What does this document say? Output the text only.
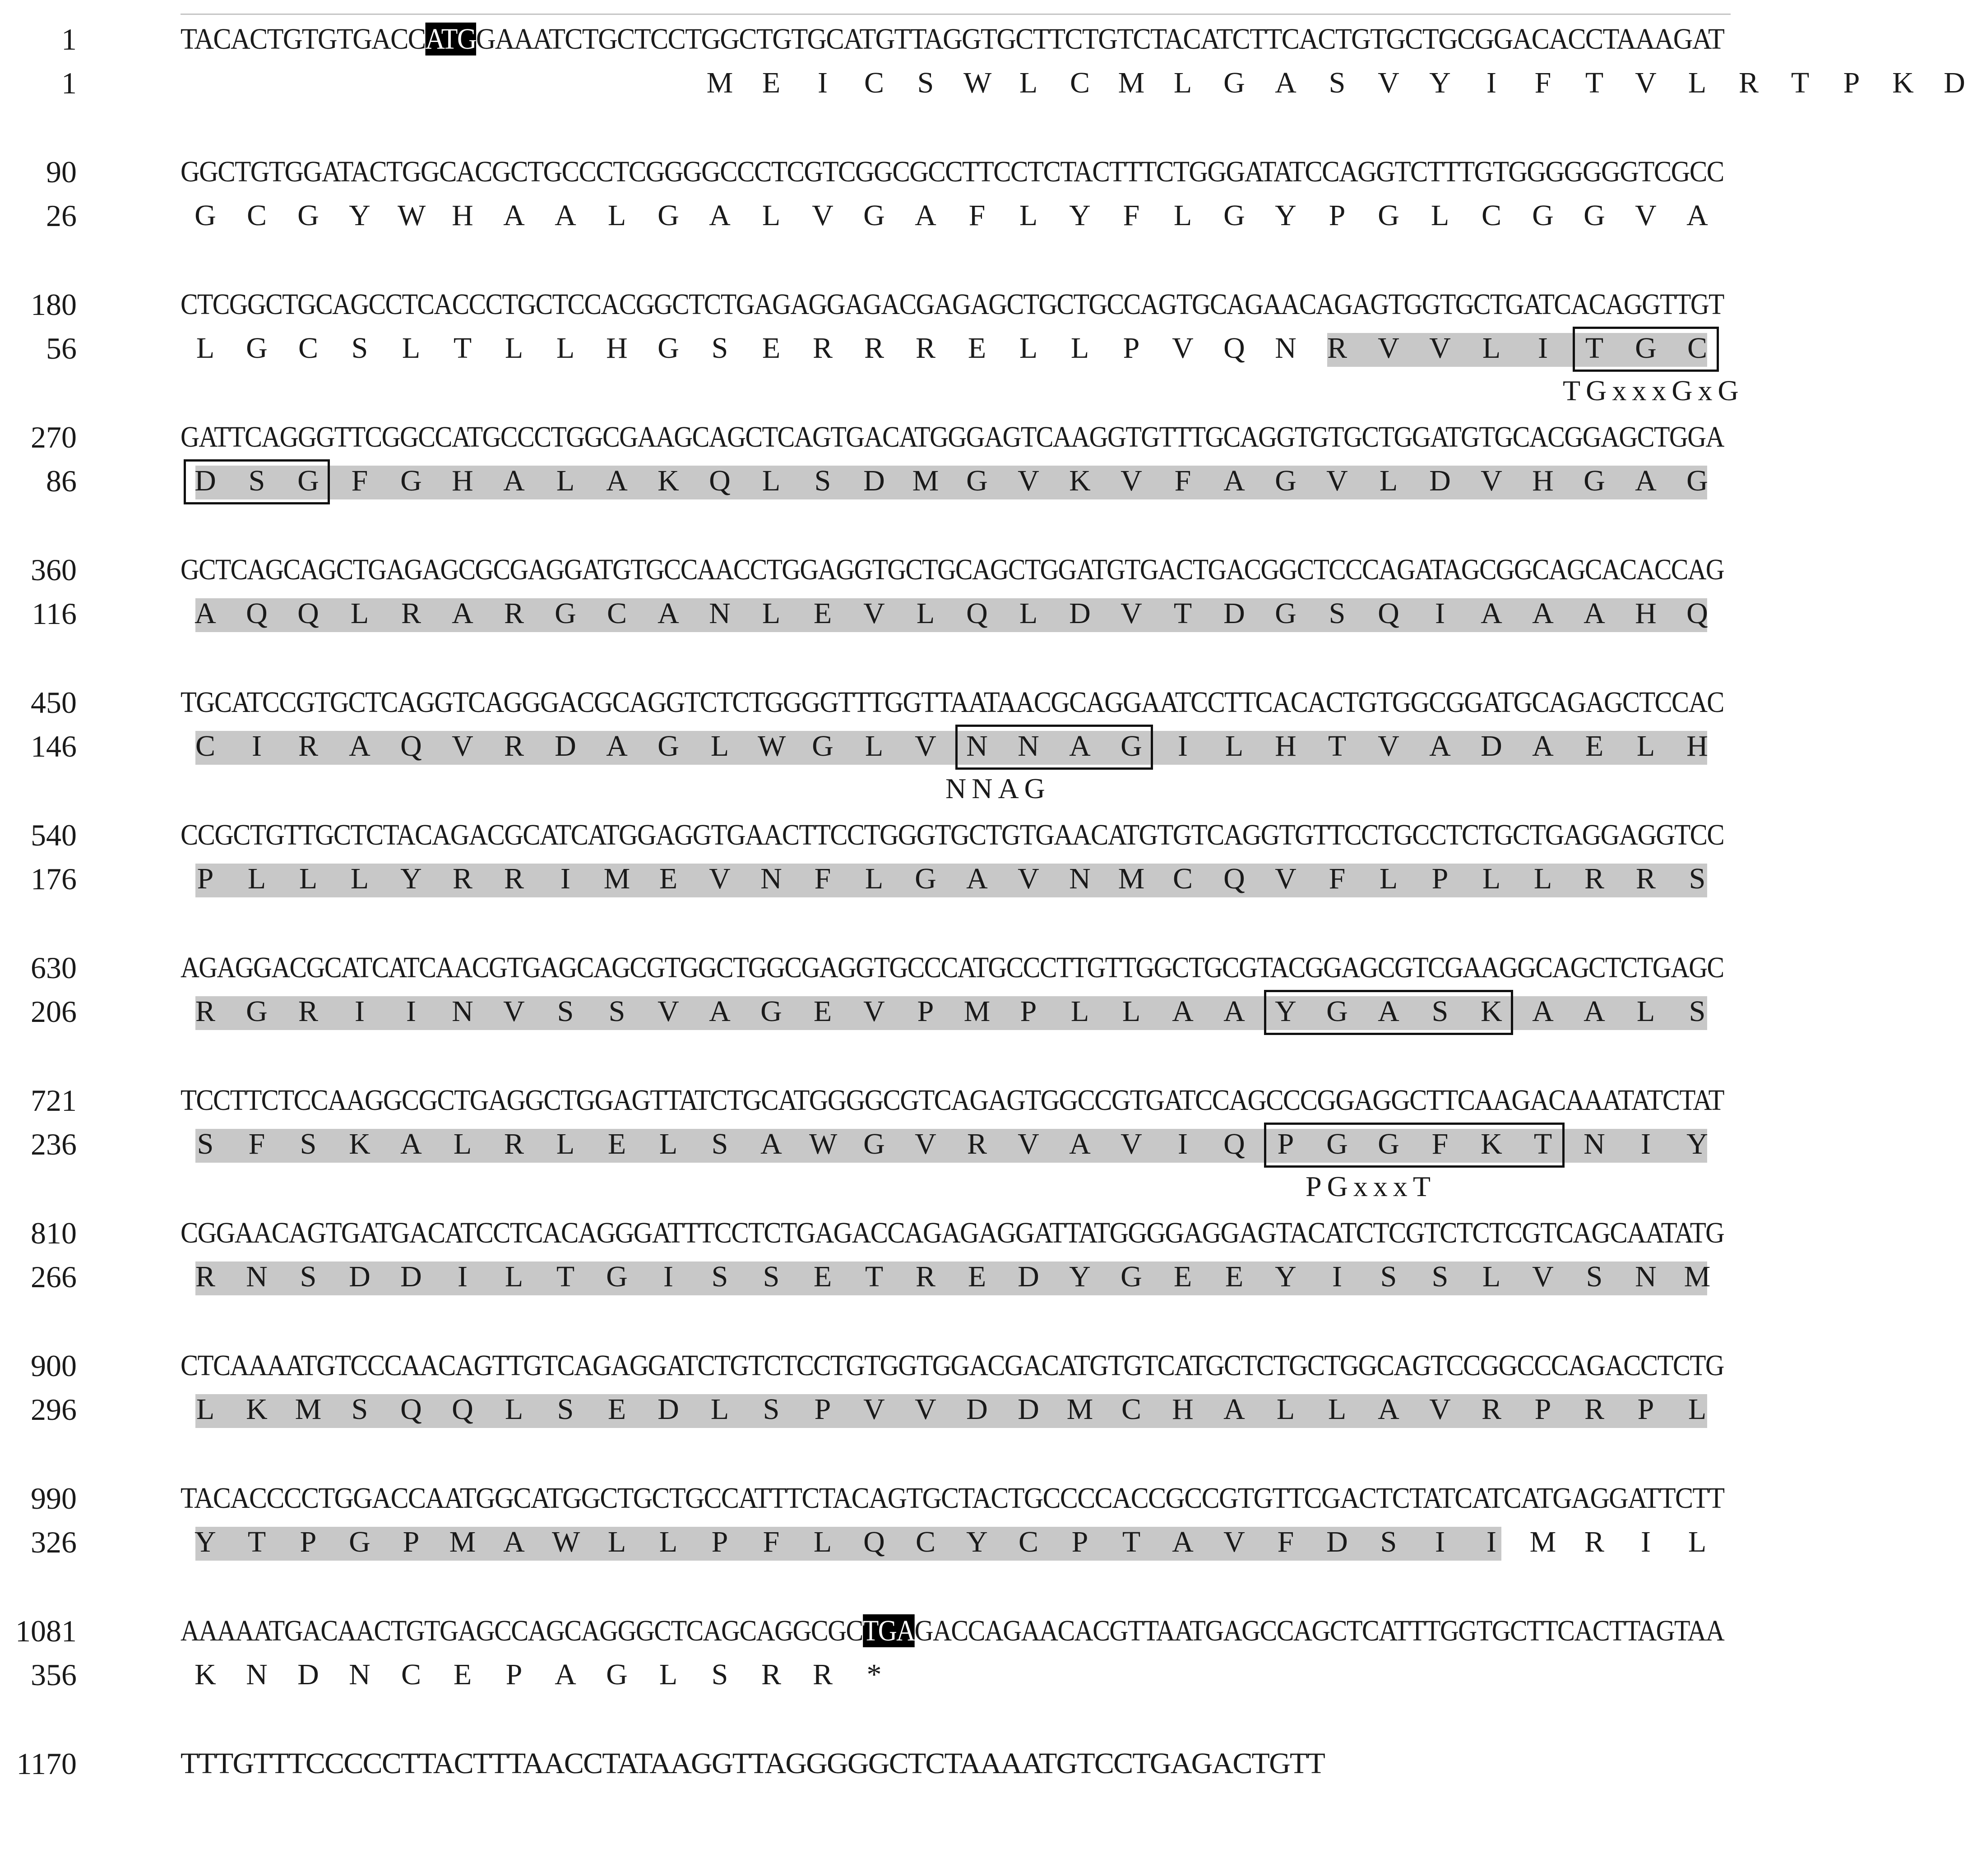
1	TACACTGTGTGACCATGGAAATCTGCTCCTGGCTGTGCATGTTAGGTGCTTCTGTCTACATCTTCACTGTGCTGCGGACACCTAAAGAT
1	M E I C S W L C M L G A S V Y I F T V L R T P K D
90	GGCTGTGGATACTGGCACGCTGCCCTCGGGGCCCTCGTCGGCGCCTTCCTCTACTTTCTGGGATATCCAGGTCTTTGTGGGGGGGTCGCC
26	G C G Y W H A A L G A L V G A F L Y F L G Y P G L C G G V A
180	CTCGGCTGCAGCCTCACCCTGCTCCACGGCTCTGAGAGGAGACGAGAGCTGCTGCCAGTGCAGAACAGAGTGGTGCTGATCACAGGTTGT
56	L G C S L T L L H G S E R R R E L L P V Q N R V V L I T G C
TGxxxGxG
270	GATTCAGGGTTCGGCCATGCCCTGGCGAAGCAGCTCAGTGACATGGGAGTCAAGGTGTTTGCAGGTGTGCTGGATGTGCACGGAGCTGGA
86	D S G F G H A L A K Q L S D M G V K V F A G V L D V H G A G
360	GCTCAGCAGCTGAGAGCGCGAGGATGTGCCAACCTGGAGGTGCTGCAGCTGGATGTGACTGACGGCTCCCAGATAGCGGCAGCACACCAG
116	A Q Q L R A R G C A N L E V L Q L D V T D G S Q I A A A H Q
450	TGCATCCGTGCTCAGGTCAGGGACGCAGGTCTCTGGGGTTTGGTTAATAACGCAGGAATCCTTCACACTGTGGCGGATGCAGAGCTCCAC
146	C I R A Q V R D A G L W G L V N N A G I L H T V A D A E L H
NNAG
540	CCGCTGTTGCTCTACAGACGCATCATGGAGGTGAACTTCCTGGGTGCTGTGAACATGTGTCAGGTGTTCCTGCCTCTGCTGAGGAGGTCC
176	P L L L Y R R I M E V N F L G A V N M C Q V F L P L L R R S
630	AGAGGACGCATCATCAACGTGAGCAGCGTGGCTGGCGAGGTGCCCATGCCCTTGTTGGCTGCGTACGGAGCGTCGAAGGCAGCTCTGAGC
206	R G R I I N V S S V A G E V P M P L L A A Y G A S K A A L S
721	TCCTTCTCCAAGGCGCTGAGGCTGGAGTTATCTGCATGGGGCGTCAGAGTGGCCGTGATCCAGCCCGGAGGCTTCAAGACAAATATCTAT
236	S F S K A L R L E L S A W G V R V A V I Q P G G F K T N I Y
PGxxxT
810	CGGAACAGTGATGACATCCTCACAGGGATTTCCTCTGAGACCAGAGAGGATTATGGGGAGGAGTACATCTCGTCTCTCGTCAGCAATATG
266	R N S D D I L T G I S S E T R E D Y G E E Y I S S L V S N M
900	CTCAAAATGTCCCAACAGTTGTCAGAGGATCTGTCTCCTGTGGTGGACGACATGTGTCATGCTCTGCTGGCAGTCCGGCCCAGACCTCTG
296	L K M S Q Q L S E D L S P V V D D M C H A L L A V R P R P L
990	TACACCCCTGGACCAATGGCATGGCTGCTGCCATTTCTACAGTGCTACTGCCCCACCGCCGTGTTCGACTCTATCATCATGAGGATTCTT
326	Y T P G P M A W L L P F L Q C Y C P T A V F D S I I M R I L
1081	AAAAATGACAACTGTGAGCCAGCAGGGCTCAGCAGGCGCTGAGACCAGAACACGTTAATGAGCCAGCTCATTTGGTGCTTCACTTAGTAA
356	K N D N C E P A G L S R R *
1170	TTTGTTTCCCCCTTACTTTAACCTATAAGGTTAGGGGGCTCTAAAATGTCCTGAGACTGTT
